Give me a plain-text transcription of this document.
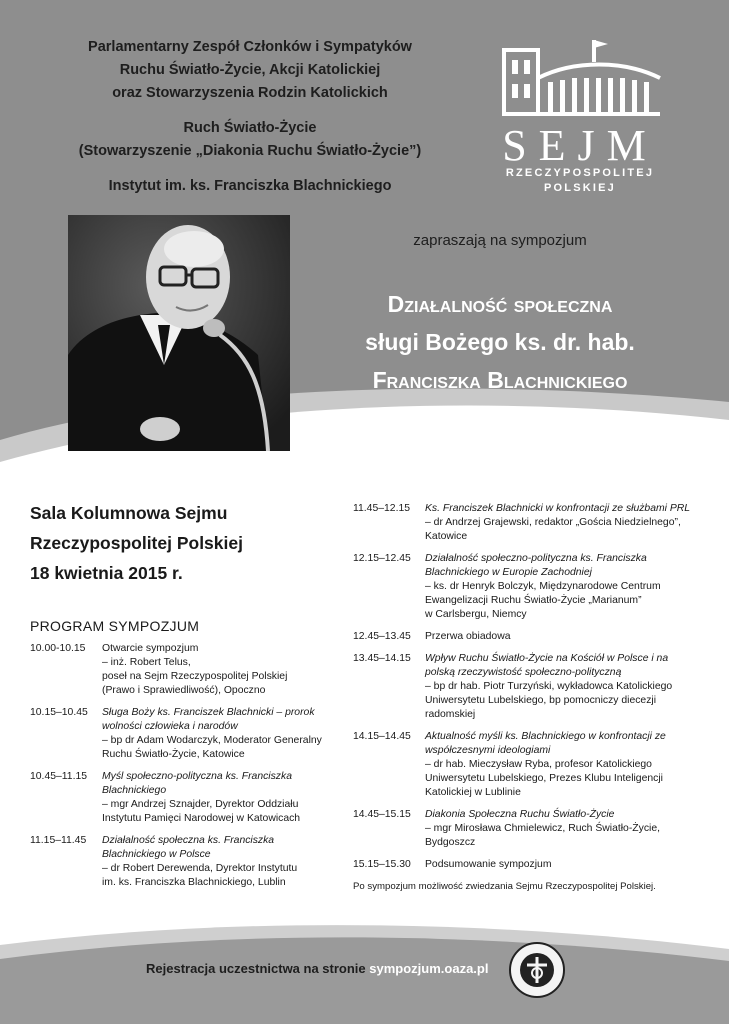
Parlamentarny Zespół Członków i Sympatyków
Ruchu Światło-Życie, Akcji Katolickiej
oraz Stowarzyszenia Rodzin Katolickich
Ruch Światło-Życie
(Stowarzyszenie „Diakonia Ruchu Światło-Życie”)
Instytut im. ks. Franciszka Blachnickiego
SEJM
RZECZYPOSPOLITEJ
POLSKIEJ
zapraszają na sympozjum
Działalność społeczna
sługi Bożego ks. dr. hab.
Franciszka Blachnickiego
(1921–1987)
Sala Kolumnowa Sejmu
Rzeczypospolitej Polskiej
18 kwietnia 2015 r.
PROGRAM SYMPOZJUM
10.00-10.15	Otwarcie sympozjum
– inż. Robert Telus,
poseł na Sejm Rzeczypospolitej Polskiej
(Prawo i Sprawiedliwość), Opoczno
10.15–10.45	Sługa Boży ks. Franciszek Blachnicki – prorok wolności człowieka i narodów
– bp dr Adam Wodarczyk, Moderator Generalny
Ruchu Światło-Życie, Katowice
10.45–11.15	Myśl społeczno-polityczna ks. Franciszka Blachnickiego
– mgr Andrzej Sznajder, Dyrektor Oddziału
Instytutu Pamięci Narodowej w Katowicach
11.15–11.45	Działalność społeczna ks. Franciszka Blachnickiego w Polsce
– dr Robert Derewenda, Dyrektor Instytutu
im. ks. Franciszka Blachnickiego, Lublin
11.45–12.15	Ks. Franciszek Blachnicki w konfrontacji ze służbami PRL
– dr Andrzej Grajewski, redaktor „Gościa Niedzielnego”,
Katowice
12.15–12.45	Działalność społeczno-polityczna ks. Franciszka Blachnickiego w Europie Zachodniej
– ks. dr Henryk Bolczyk, Międzynarodowe Centrum
Ewangelizacji Ruchu Światło-Życie „Marianum”
w Carlsbergu, Niemcy
12.45–13.45	Przerwa obiadowa
13.45–14.15	Wpływ Ruchu Światło-Życie na Kościół w Polsce i na polską rzeczywistość społeczno-polityczną
– bp dr hab. Piotr Turzyński, wykładowca Katolickiego
Uniwersytetu Lubelskiego, bp pomocniczy diecezji
radomskiej
14.15–14.45	Aktualność myśli ks. Blachnickiego w konfrontacji ze współczesnymi ideologiami
– dr hab. Mieczysław Ryba, profesor Katolickiego
Uniwersytetu Lubelskiego, Prezes Klubu Inteligencji
Katolickiej w Lublinie
14.45–15.15	Diakonia Społeczna Ruchu Światło-Życie
– mgr Mirosława Chmielewicz, Ruch Światło-Życie,
Bydgoszcz
15.15–15.30	Podsumowanie sympozjum
Po sympozjum możliwość zwiedzania Sejmu Rzeczypospolitej Polskiej.
Rejestracja uczestnictwa na stronie sympozjum.oaza.pl
